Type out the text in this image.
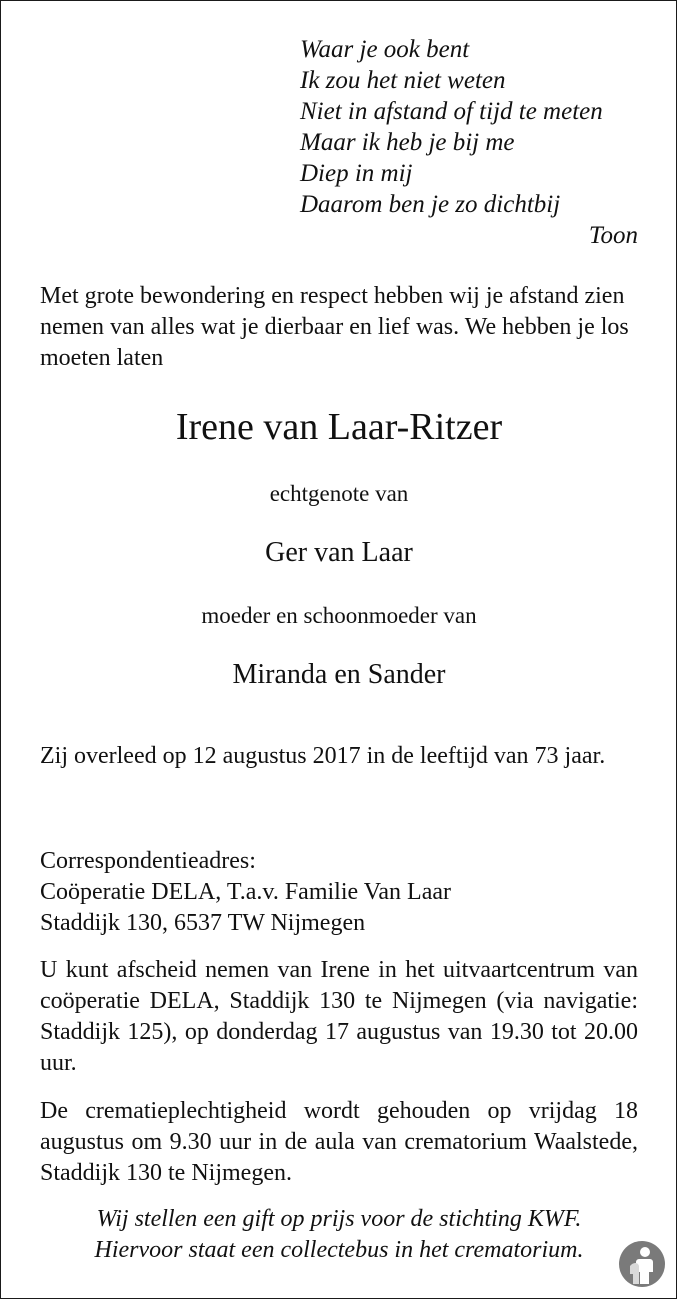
Waar je ook bent
Ik zou het niet weten
Niet in afstand of tijd te meten
Maar ik heb je bij me
Diep in mij
Daarom ben je zo dichtbij
Toon
Met grote bewondering en respect hebben wij je afstand zien nemen van alles wat je dierbaar en lief was. We hebben je los moeten laten
Irene van Laar-Ritzer
echtgenote van
Ger van Laar
moeder en schoonmoeder van
Miranda en Sander
Zij overleed op 12 augustus 2017 in de leeftijd van 73 jaar.
Correspondentieadres:
Coöperatie DELA, T.a.v. Familie Van Laar
Staddijk 130, 6537 TW Nijmegen
U kunt afscheid nemen van Irene in het uitvaartcentrum van coöperatie DELA, Staddijk 130 te Nijmegen (via navigatie: Staddijk 125), op donderdag 17 augustus van 19.30 tot 20.00 uur.
De crematieplechtigheid wordt gehouden op vrijdag 18 augustus om 9.30 uur in de aula van crematorium Waalstede, Staddijk 130 te Nijmegen.
Wij stellen een gift op prijs voor de stichting KWF.
Hiervoor staat een collectebus in het crematorium.
